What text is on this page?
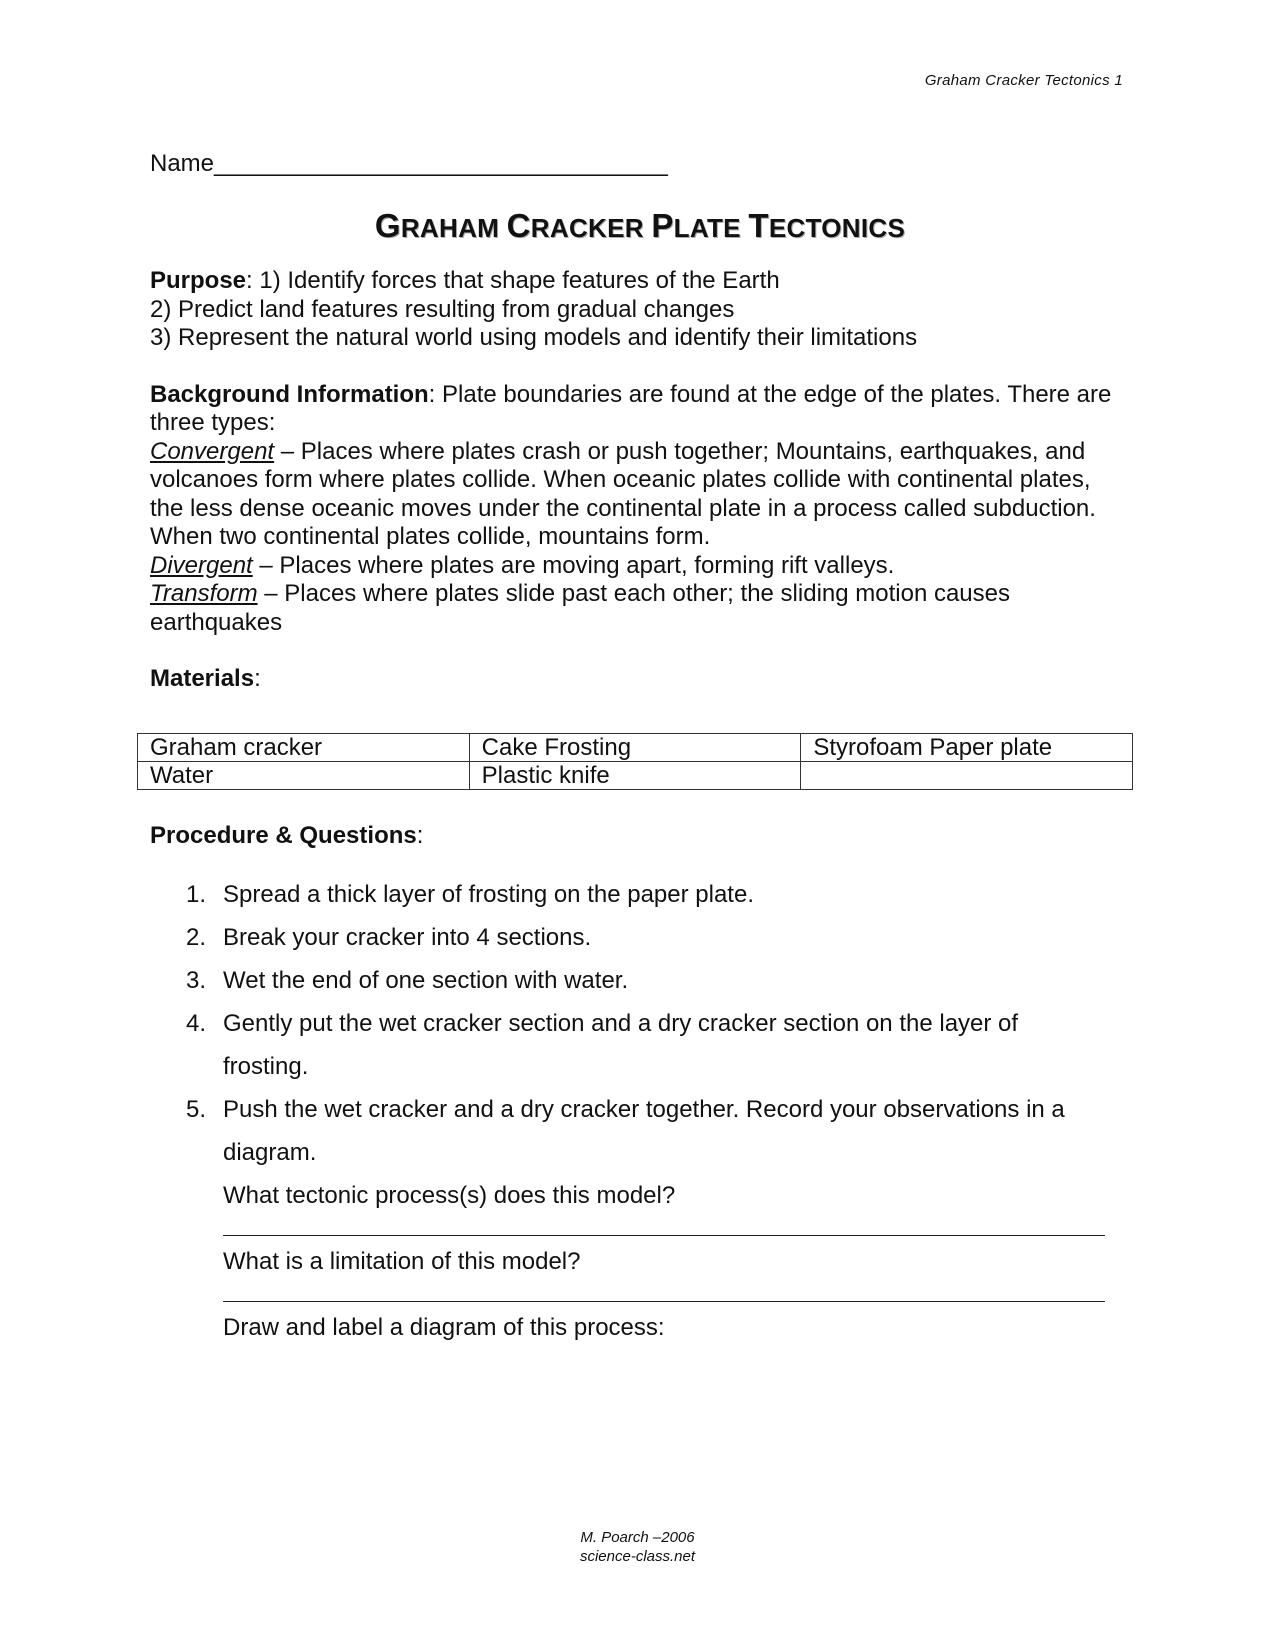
Graham Cracker Tectonics 1

Name__________________________________

GRAHAM CRACKER PLATE TECTONICS

Purpose: 1) Identify forces that shape features of the Earth

2) Predict land features resulting from gradual changes

3) Represent the natural world using models and identify their limitations

Background Information: Plate boundaries are found at the edge of the plates. There are three types:

Convergent – Places where plates crash or push together; Mountains, earthquakes, and volcanoes form where plates collide. When oceanic plates collide with continental plates, the less dense oceanic moves under the continental plate in a process called subduction. When two continental plates collide, mountains form.

Divergent – Places where plates are moving apart, forming rift valleys.

Transform – Places where plates slide past each other; the sliding motion causes earthquakes

Materials:

Graham cracker	Cake Frosting	Styrofoam Paper plate
Water	Plastic knife	
Procedure & Questions:
1. Spread a thick layer of frosting on the paper plate.
2. Break your cracker into 4 sections.
3. Wet the end of one section with water.
4. Gently put the wet cracker section and a dry cracker section on the layer of frosting.
5. Push the wet cracker and a dry cracker together. Record your observations in a diagram.
What tectonic process(s) does this model?
What is a limitation of this model?
Draw and label a diagram of this process:
M. Poarch –2006
science-class.net
